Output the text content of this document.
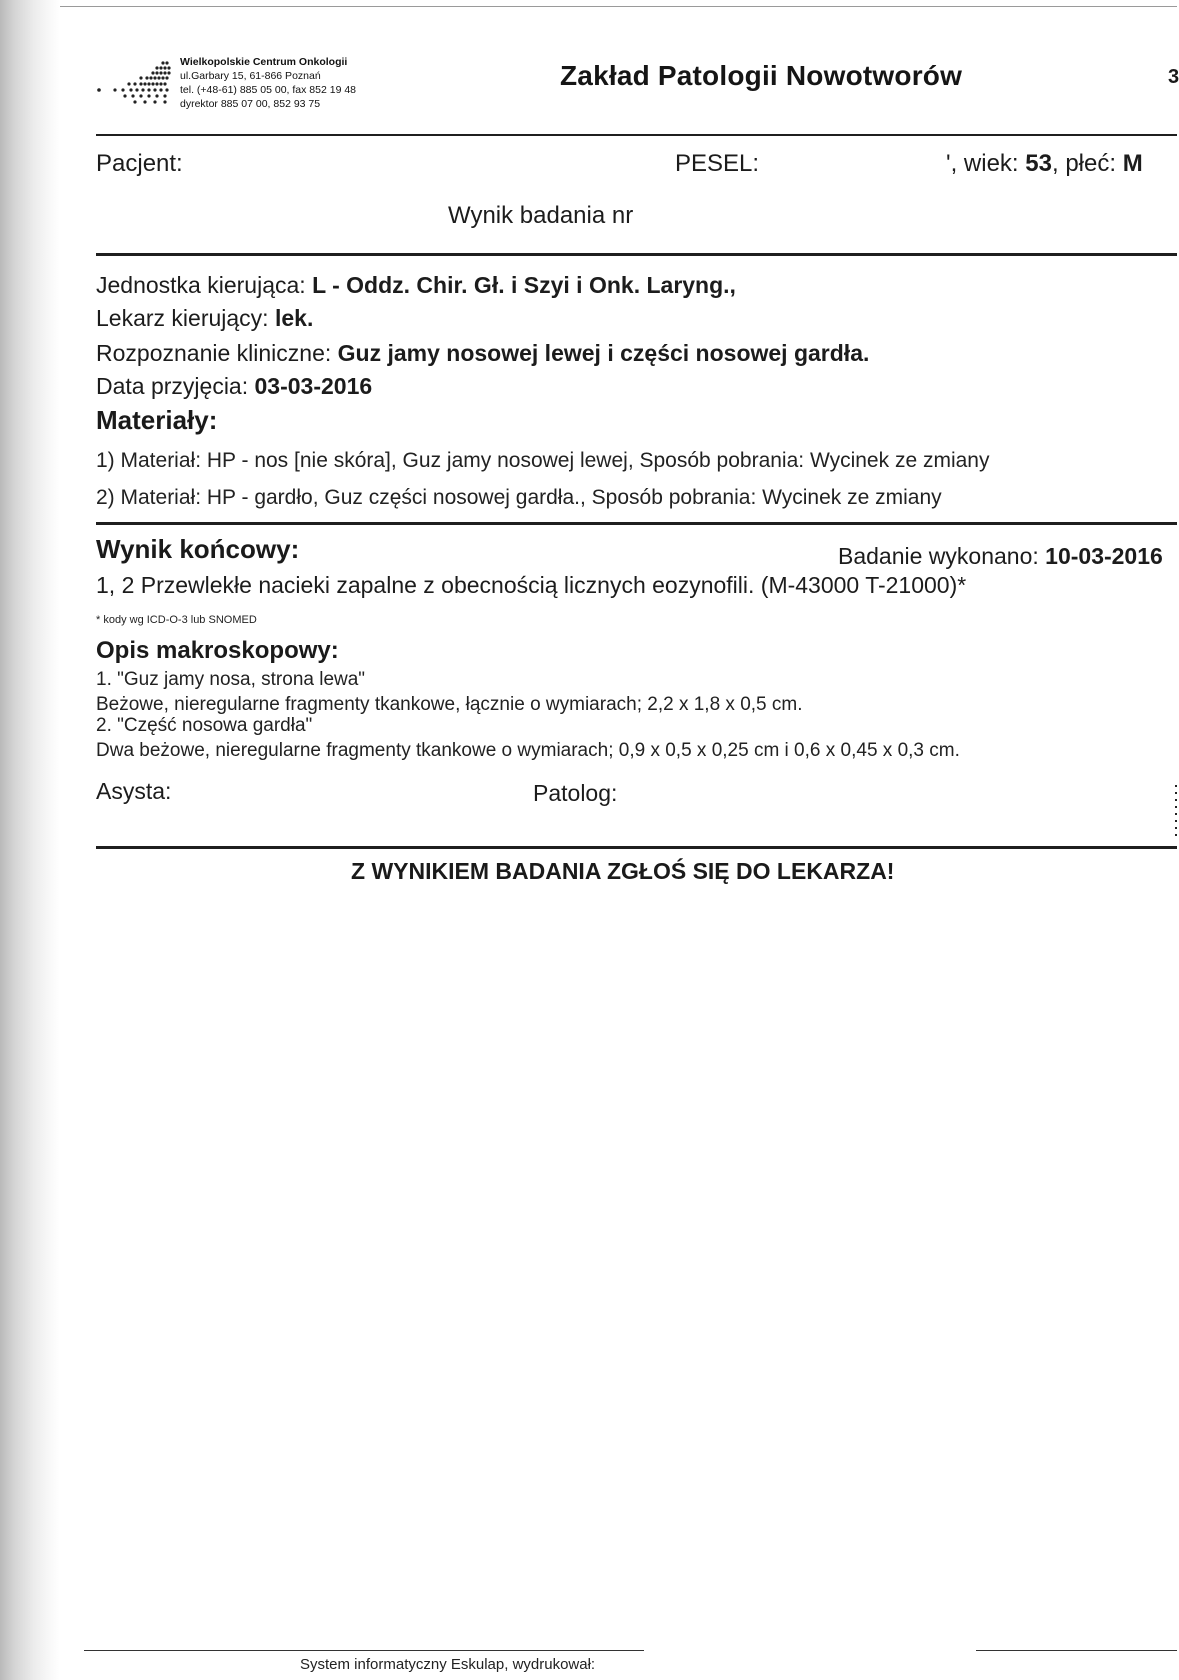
Wielkopolskie Centrum Onkologii
ul.Garbary 15, 61-866 Poznań
tel. (+48-61) 885 05 00, fax 852 19 48
dyrektor 885 07 00, 852 93 75
Zakład Patologii Nowotworów	3
Pacjent:	PESEL:	', wiek: 53, płeć: M
Wynik badania nr
Jednostka kierująca: L - Oddz. Chir. Gł. i Szyi i Onk. Laryng.,
Lekarz kierujący: lek.
Rozpoznanie kliniczne: Guz jamy nosowej lewej i części nosowej gardła.
Data przyjęcia: 03-03-2016
Materiały:
1) Materiał: HP - nos [nie skóra], Guz jamy nosowej lewej, Sposób pobrania: Wycinek ze zmiany
2) Materiał: HP - gardło, Guz części nosowej gardła., Sposób pobrania: Wycinek ze zmiany
Wynik końcowy:	Badanie wykonano: 10-03-2016
1, 2 Przewlekłe nacieki zapalne z obecnością licznych eozynofili. (M-43000 T-21000)*
* kody wg ICD-O-3 lub SNOMED
Opis makroskopowy:
1. "Guz jamy nosa, strona lewa"
Beżowe, nieregularne fragmenty tkankowe, łącznie o wymiarach; 2,2 x 1,8 x 0,5 cm.
2. "Część nosowa gardła"
Dwa beżowe, nieregularne fragmenty tkankowe o wymiarach; 0,9 x 0,5 x 0,25 cm i 0,6 x 0,45 x 0,3 cm.
Asysta:	Patolog:
Z WYNIKIEM BADANIA ZGŁOŚ SIĘ DO LEKARZA!
System informatyczny Eskulap, wydrukował:
